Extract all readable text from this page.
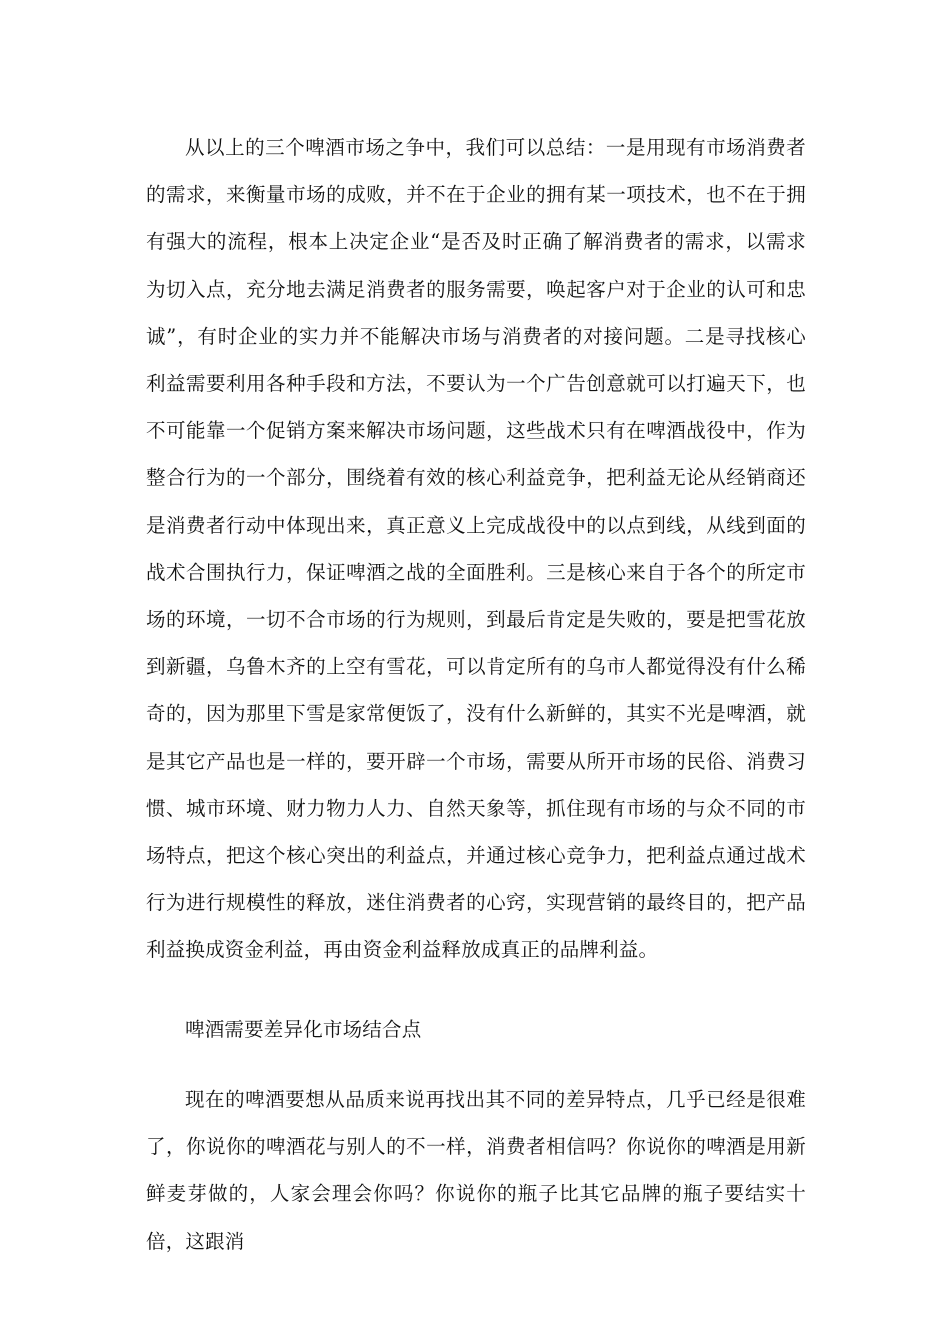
从以上的三个啤酒市场之争中，我们可以总结：一是用现有市场消费者的需求，来衡量市场的成败，并不在于企业的拥有某一项技术，也不在于拥有强大的流程，根本上决定企业“是否及时正确了解消费者的需求，以需求为切入点，充分地去满足消费者的服务需要，唤起客户对于企业的认可和忠诚”，有时企业的实力并不能解决市场与消费者的对接问题。二是寻找核心利益需要利用各种手段和方法，不要认为一个广告创意就可以打遍天下，也不可能靠一个促销方案来解决市场问题，这些战术只有在啤酒战役中，作为整合行为的一个部分，围绕着有效的核心利益竞争，把利益无论从经销商还是消费者行动中体现出来，真正意义上完成战役中的以点到线，从线到面的战术合围执行力，保证啤酒之战的全面胜利。三是核心来自于各个的所定市场的环境，一切不合市场的行为规则，到最后肯定是失败的，要是把雪花放到新疆，乌鲁木齐的上空有雪花，可以肯定所有的乌市人都觉得没有什么稀奇的，因为那里下雪是家常便饭了，没有什么新鲜的，其实不光是啤酒，就是其它产品也是一样的，要开辟一个市场，需要从所开市场的民俗、消费习惯、城市环境、财力物力人力、自然天象等，抓住现有市场的与众不同的市场特点，把这个核心突出的利益点，并通过核心竞争力，把利益点通过战术行为进行规模性的释放，迷住消费者的心窍，实现营销的最终目的，把产品利益换成资金利益，再由资金利益释放成真正的品牌利益。

啤酒需要差异化市场结合点

现在的啤酒要想从品质来说再找出其不同的差异特点，几乎已经是很难了，你说你的啤酒花与别人的不一样，消费者相信吗？你说你的啤酒是用新鲜麦芽做的，人家会理会你吗？你说你的瓶子比其它品牌的瓶子要结实十倍，这跟消
